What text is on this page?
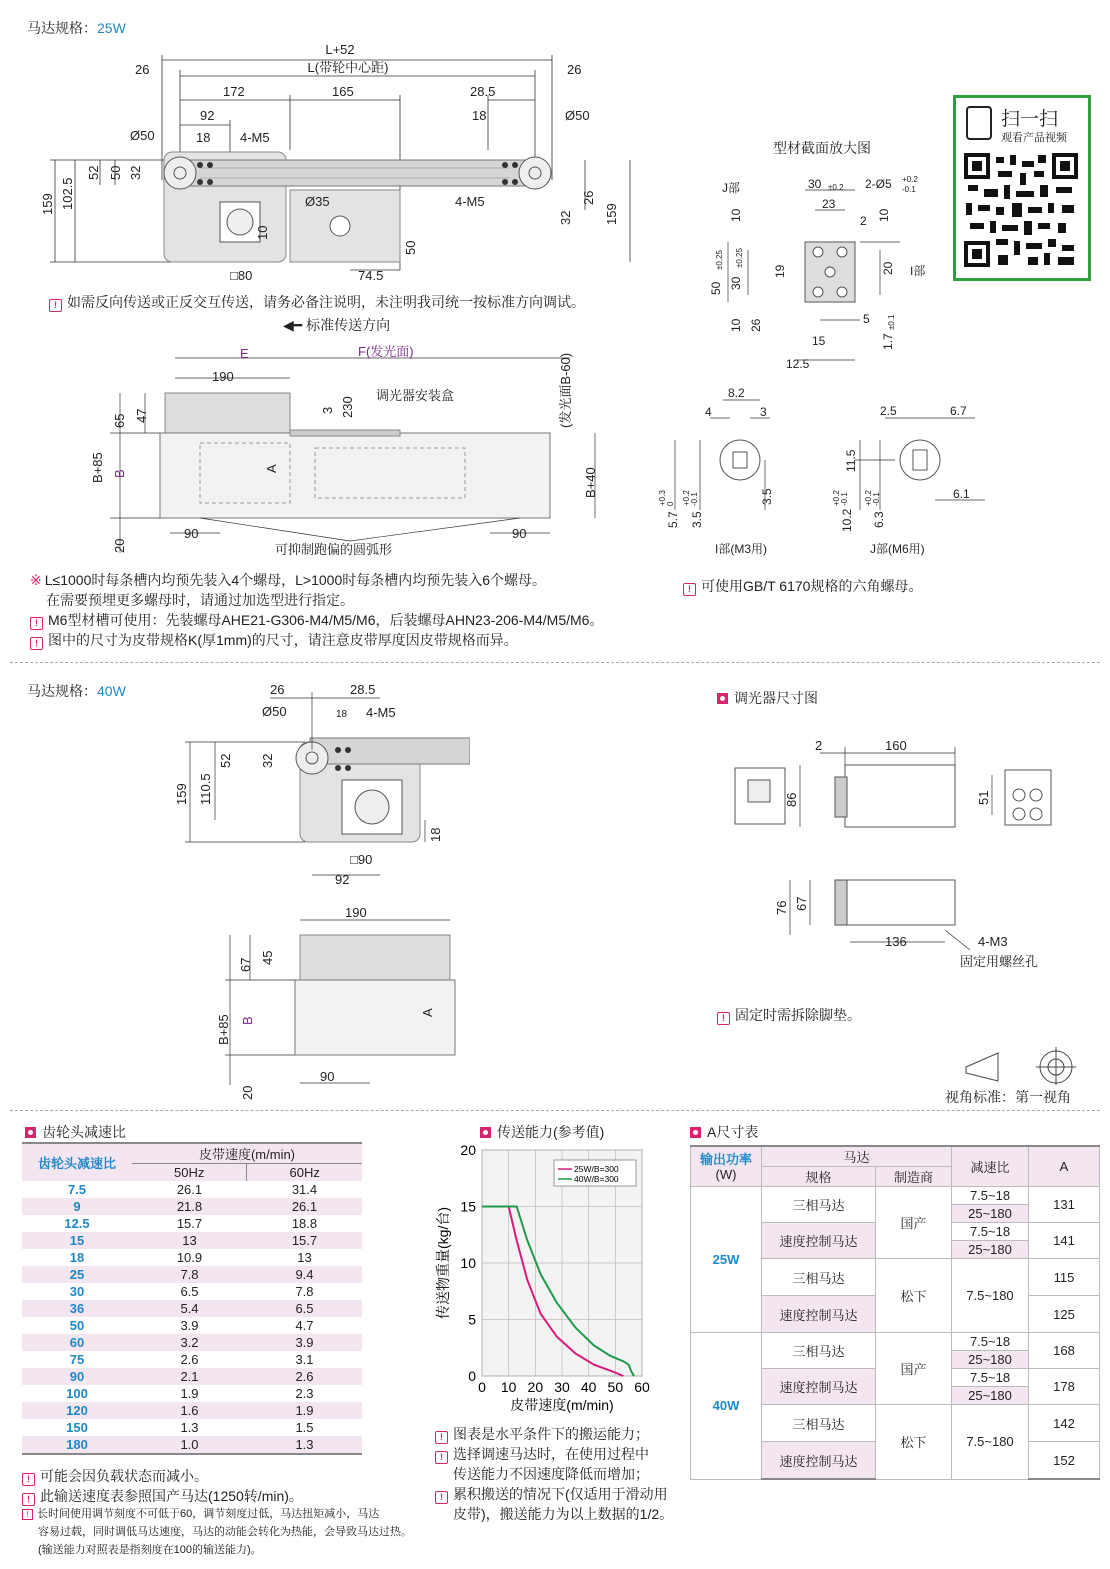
马达规格：25W
L+52
L(带轮中心距)
26	26
172	165	28.5
92	18
Ø50	18 4-M5
Ø50
4-M5
Ø35
□80	74.5
159 102.5
52 50 32
10
50
32
26
159
扫一扫
观看产品视频
型材截面放大图
J部
I部
30 ±0.2 2-Ø5 +0.2
-0.1
23
2
10	10
50
±0.25
30
±0.25
19	20
10 26	5
15
12.5
1.7
±0.1
! 如需反向传送或正反交互传送，请务必备注说明，未注明我司统一按标准方向调试。
◀━ 标准传送方向
E	F(发光面)
190
3 230
调光器安装盒	(发光面B-60)
65 47
B+85 B
A	B+40
20
90	90
可抑制跑偏的圆弧形
8.2
4	3
3.5
5.7
+0.3 0
3.5
+0.2 -0.1
I部(M3用)
2.5	6.7
11.5
6.1
10.2
+0.2 -0.1
6.3
+0.2 -0.1
J部(M6用)
※ L≤1000时每条槽内均预先装入4个螺母，L>1000时每条槽内均预先装入6个螺母。
在需要预埋更多螺母时，请通过加选型进行指定。
! M6型材槽可使用：先装螺母AHE21-G306-M4/M5/M6，后装螺母AHN23-206-M4/M5/M6。
! 图中的尺寸为皮带规格K(厚1mm)的尺寸，请注意皮带厚度因皮带规格而异。
! 可使用GB/T 6170规格的六角螺母。
马达规格：40W	26	28.5
Ø50	18 4-M5
159 110.5
52 32
18
□90
92
190
67 45
B+85 B
A
20
90
调光器尺寸图
2	160
86	51
76 67
136	4-M3
固定用螺丝孔
! 固定时需拆除脚垫。
视角标准：第一视角
齿轮头减速比
齿轮头减速比	皮带速度(m/min)	
	50Hz	60Hz
7.5	26.1	31.4
9	21.8	26.1
12.5	15.7	18.8
15	13	15.7
18	10.9	13
25	7.8	9.4
30	6.5	7.8
36	5.4	6.5
50	3.9	4.7
60	3.2	3.9
75	2.6	3.1
90	2.1	2.6
100	1.9	2.3
120	1.6	1.9
150	1.3	1.5
180	1.0	1.3
! 可能会因负载状态而减小。
! 此输送速度表参照国产马达(1250转/min)。
! 长时间使用调节刻度不可低于60，调节刻度过低，马达扭矩减小，马达
容易过载，同时调低马达速度，马达的动能会转化为热能，会导致马达过热。
(输送能力对照表是指刻度在100的输送能力)。
传送能力(参考值)
0 10 20 30 40 50 60
0
5
10
15
20
25W/B=300
40W/B=300
皮带速度(m/min)
传送物重量(kg/台)
! 图表是水平条件下的搬运能力；
! 选择调速马达时，在使用过程中
传送能力不因速度降低而增加；
! 累积搬送的情况下(仅适用于滑动用
皮带)，搬送能力为以上数据的1/2。
A尺寸表
输出功率
(W)	马达		减速比	A
	规格	制造商		
25W	三相马达	国产	7.5~18	131
			25~180	
	速度控制马达		7.5~18	141
			25~180	
	三相马达	松下	7.5~180	115

	速度控制马达			125

40W	三相马达	国产	7.5~18	168
			25~180	
	速度控制马达		7.5~18	178
			25~180	
	三相马达	松下	7.5~180	142

	速度控制马达			152
